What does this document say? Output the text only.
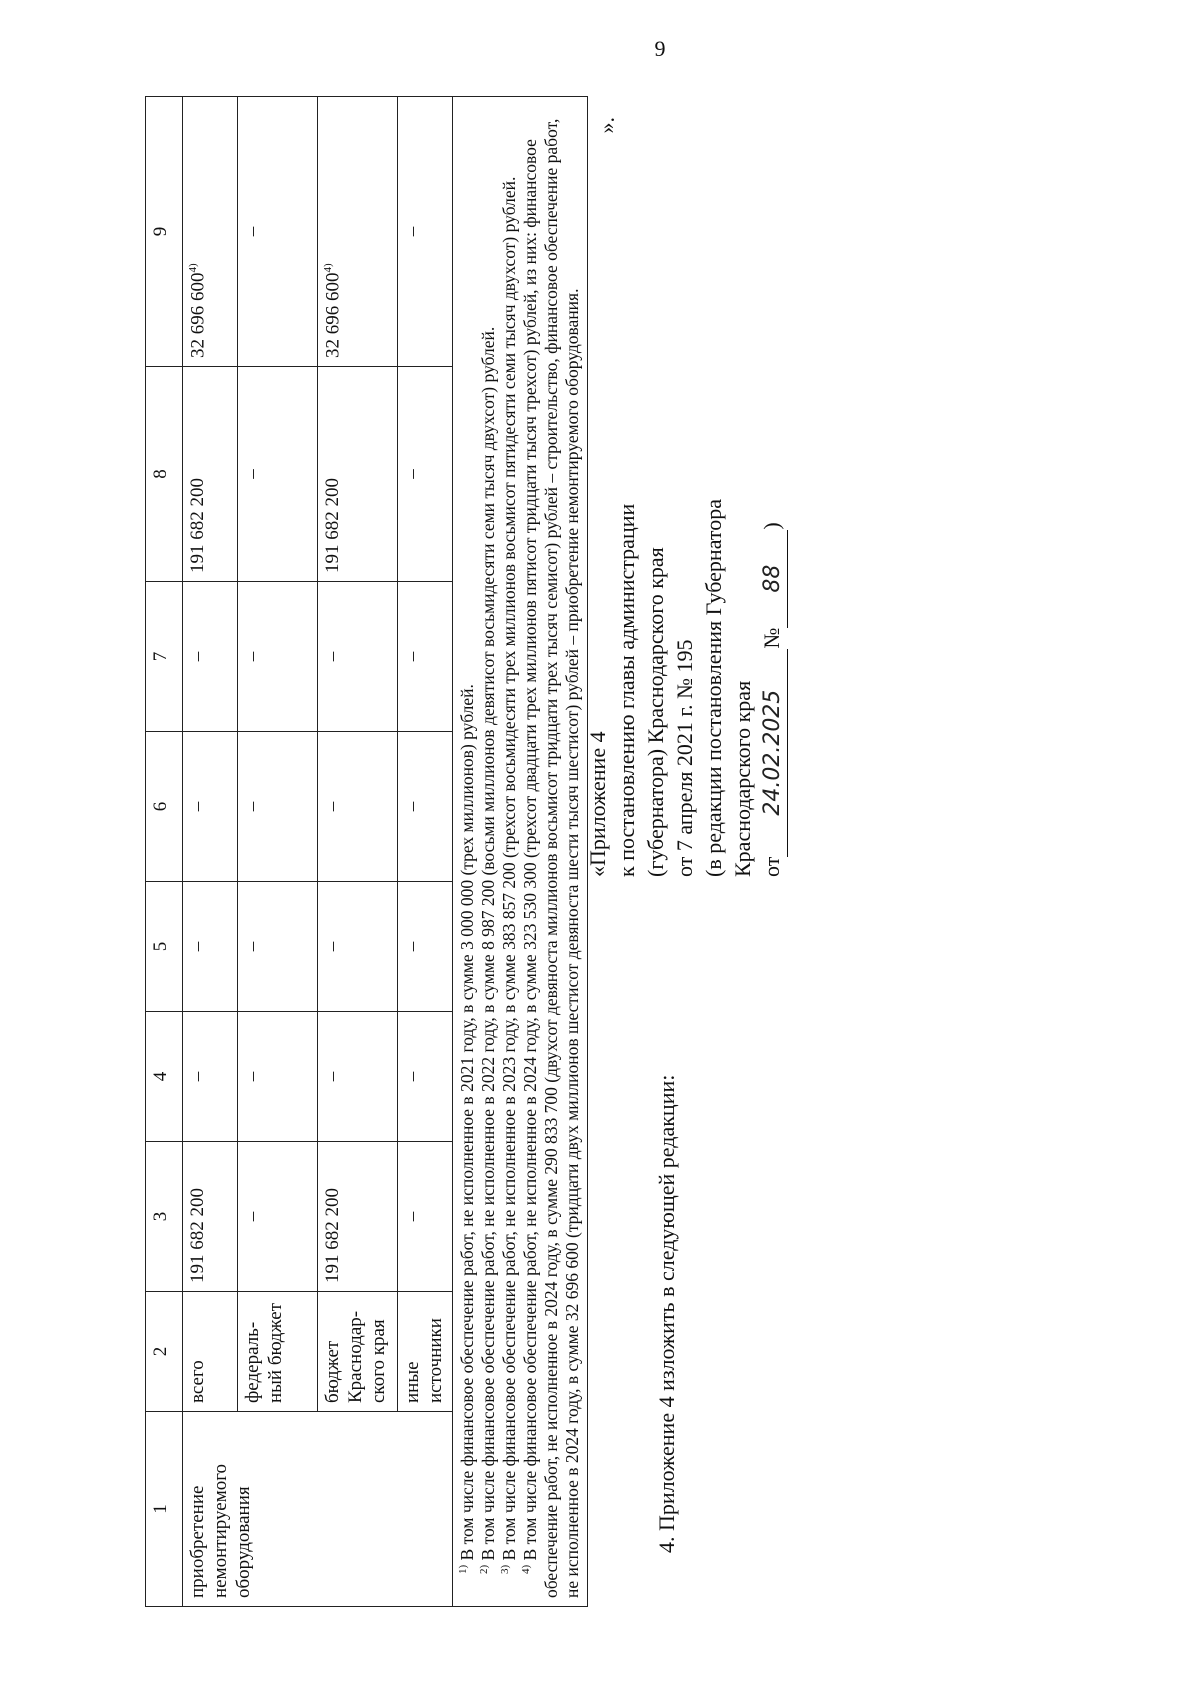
9
1	2	3	4	5	6	7	8	9
приобретение немонтируемого оборудования	всего	191 682 200	–	–	–	–	191 682 200	32 696 600$^{4)}$
	федераль-ный бюджет	–	–	–	–	–	–	–
	бюджет Краснодар-ского края	191 682 200	–	–	–	–	191 682 200	32 696 600$^{4)}$
	иные источники	–	–	–	–	–	–	–

$^{1)}$ В том числе финансовое обеспечение работ, не исполненное в 2021 году, в сумме 3 000 000 (трех миллионов) рублей.

$^{2)}$ В том числе финансовое обеспечение работ, не исполненное в 2022 году, в сумме 8 987 200 (восьми миллионов девятисот восьмидесяти семи тысяч двухсот) рублей.

$^{3)}$ В том числе финансовое обеспечение работ, не исполненное в 2023 году, в сумме 383 857 200 (трехсот восьмидесяти трех миллионов восьмисот пятидесяти семи тысяч двухсот) рублей.

$^{4)}$ В том числе финансовое обеспечение работ, не исполненное в 2024 году, в сумме 323 530 300 (трехсот двадцати трех миллионов пятисот тридцати тысяч трехсот) рублей, из них: финансовое обеспечение работ, не исполненное в 2024 году, в сумме 290 833 700 (двухсот девяноста миллионов восьмисот тридцати трех тысяч семисот) рублей – строительство, финансовое обеспечение работ, не исполненное в 2024 году, в сумме 32 696 600 (тридцати двух миллионов шестисот девяноста шести тысяч шестисот) рублей – приобретение немонтируемого оборудования.								

».
4. Приложение 4 изложить в следующей редакции:
«Приложение 4 к постановлению главы администрации (губернатора) Краснодарского края от 7 апреля 2021 г. № 195 (в редакции постановления Губернатора Краснодарского края от24.02.2025№88)
